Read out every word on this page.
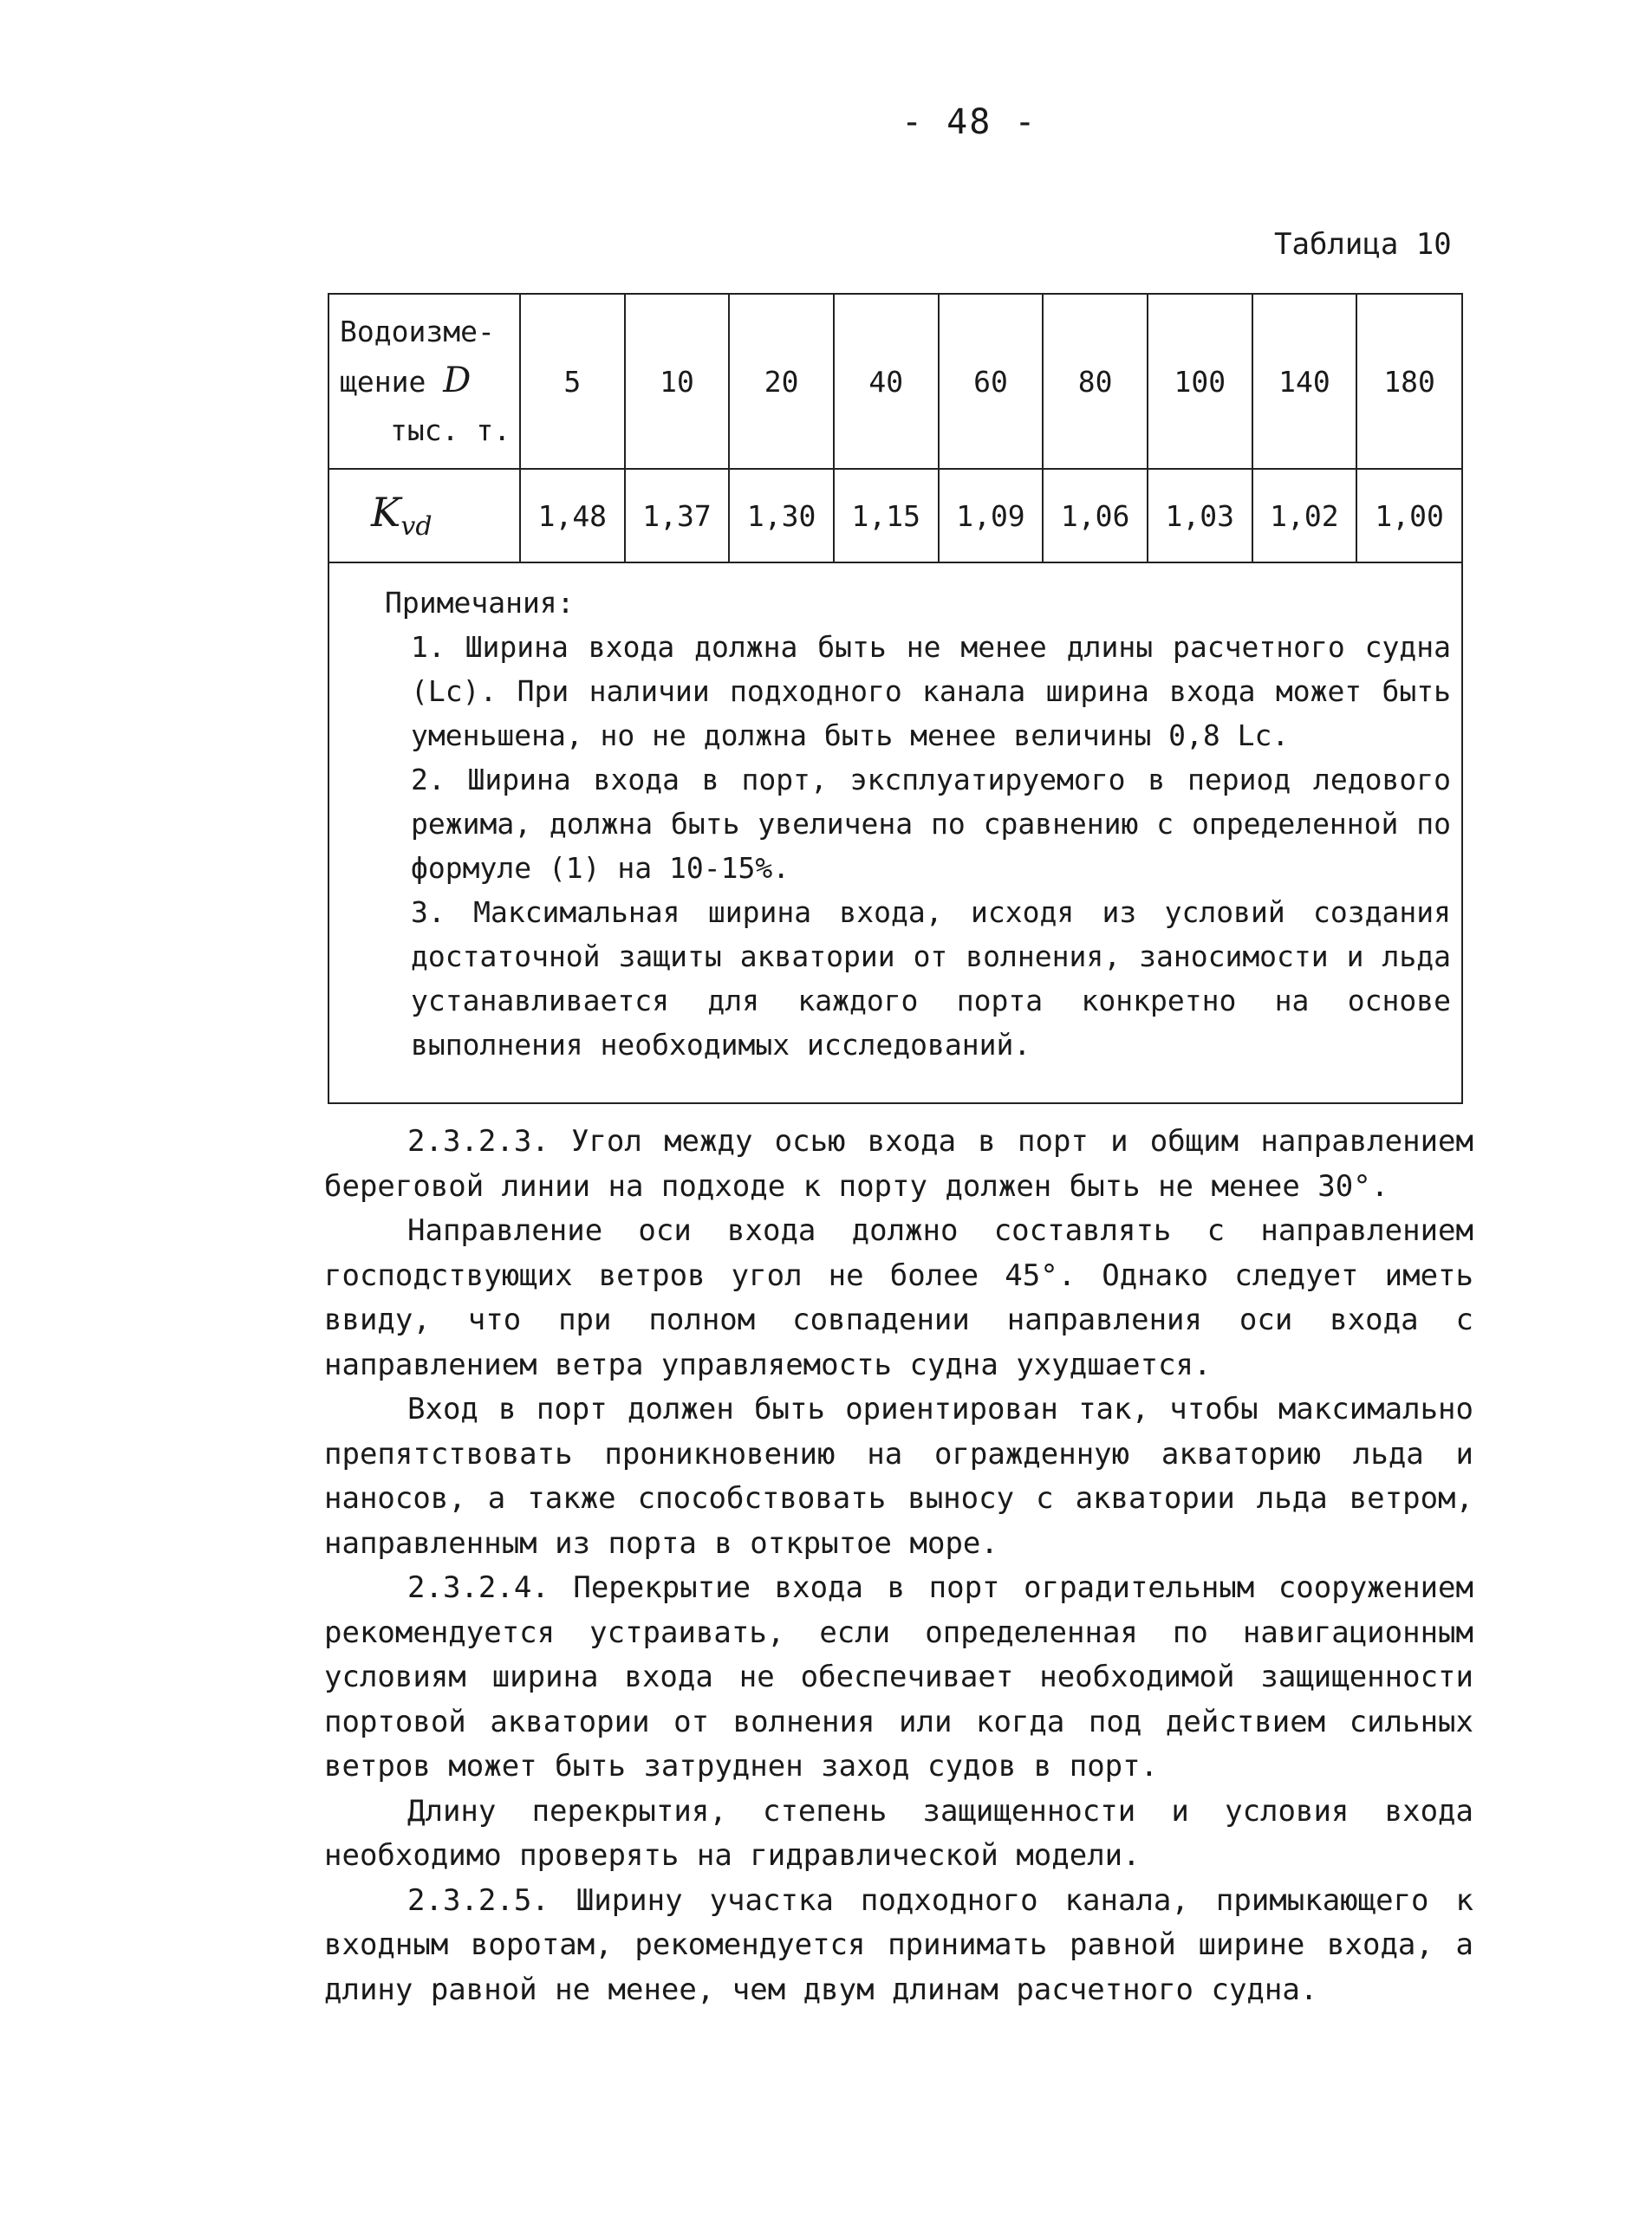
- 48 -
Таблица 10
Водоизме-
щение D
тыс. т.	5	10	20	40	60	80	100	140	180
$K_{vd}$	1,48	1,37	1,30	1,15	1,09	1,06	1,03	1,02	1,00

Примечания:

1. Ширина входа должна быть не менее длины расчетного судна (Lc). При наличии подходного канала ширина входа может быть уменьшена, но не должна быть менее величины 0,8 Lc.

2. Ширина входа в порт, эксплуатируемого в период ледового режима, должна быть увеличена по сравнению с определенной по формуле (1) на 10-15%.

3. Максимальная ширина входа, исходя из условий создания достаточной защиты акватории от волнения, заносимости и льда устанавливается для каждого порта конкретно на основе выполнения необходимых исследований.

2.3.2.3. Угол между осью входа в порт и общим направлением береговой линии на подходе к порту должен быть не менее 30°.

Направление оси входа должно составлять с направлением господствующих ветров угол не более 45°. Однако следует иметь ввиду, что при полном совпадении направления оси входа с направлением ветра управляемость судна ухудшается.

Вход в порт должен быть ориентирован так, чтобы максимально препятствовать проникновению на огражденную акваторию льда и наносов, а также способствовать выносу с акватории льда ветром, направленным из порта в открытое море.

2.3.2.4. Перекрытие входа в порт оградительным сооружением рекомендуется устраивать, если определенная по навигационным условиям ширина входа не обеспечивает необходимой защищенности портовой акватории от волнения или когда под действием сильных ветров может быть затруднен заход судов в порт.

Длину перекрытия, степень защищенности и условия входа необходимо проверять на гидравлической модели.

2.3.2.5. Ширину участка подходного канала, примыкающего к входным воротам, рекомендуется принимать равной ширине входа, а длину равной не менее, чем двум длинам расчетного судна.
